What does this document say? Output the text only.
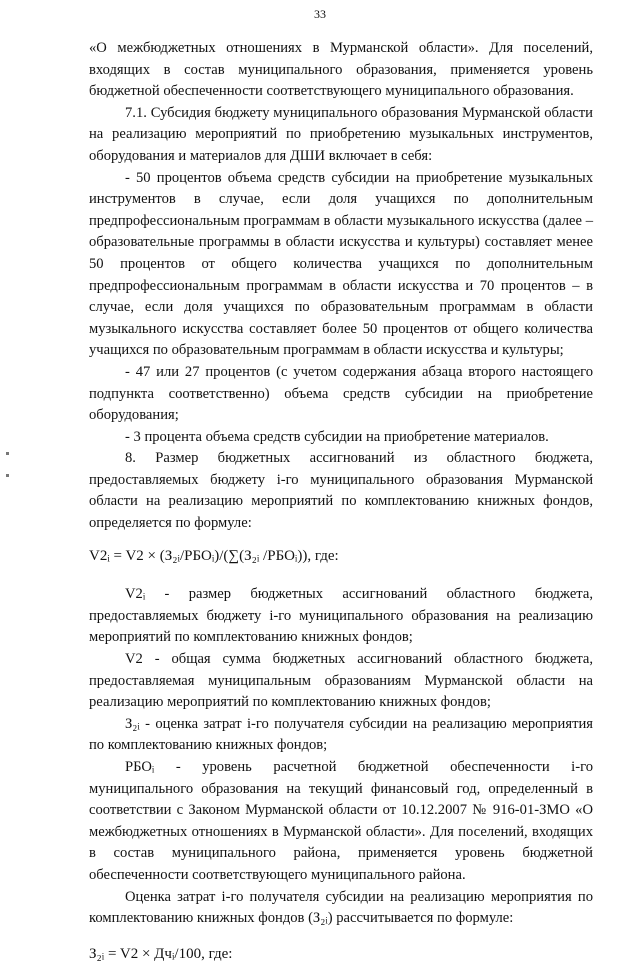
33

«О межбюджетных отношениях в Мурманской области». Для поселений, входящих в состав муниципального образования, применяется уровень бюджетной обеспеченности соответствующего муниципального образования.

7.1. Субсидия бюджету муниципального образования Мурманской области на реализацию мероприятий по приобретению музыкальных инструментов, оборудования и материалов для ДШИ включает в себя:

- 50 процентов объема средств субсидии на приобретение музыкальных инструментов в случае, если доля учащихся по дополнительным предпрофессиональным программам в области музыкального искусства (далее – образовательные программы в области искусства и культуры) составляет менее 50 процентов от общего количества учащихся по дополнительным предпрофессиональным программам в области искусства и 70 процентов – в случае, если доля учащихся по образовательным программам в области музыкального искусства составляет более 50 процентов от общего количества учащихся по образовательным программам в области искусства и культуры;

- 47 или 27 процентов (с учетом содержания абзаца второго настоящего подпункта соответственно) объема средств субсидии на приобретение оборудования;

- 3 процента объема средств субсидии на приобретение материалов.

8. Размер бюджетных ассигнований из областного бюджета, предоставляемых бюджету i-го муниципального образования Мурманской области на реализацию мероприятий по комплектованию книжных фондов, определяется по формуле:

V2ᵢ = V2 × (З₂ᵢ/РБОᵢ)/(∑(З₂ᵢ /РБОᵢ)), где:

V2ᵢ - размер бюджетных ассигнований областного бюджета, предоставляемых бюджету i-го муниципального образования на реализацию мероприятий по комплектованию книжных фондов;

V2 - общая сумма бюджетных ассигнований областного бюджета, предоставляемая муниципальным образованиям Мурманской области на реализацию мероприятий по комплектованию книжных фондов;

З₂ᵢ - оценка затрат i-го получателя субсидии на реализацию мероприятия по комплектованию книжных фондов;

РБОᵢ - уровень расчетной бюджетной обеспеченности i-го муниципального образования на текущий финансовый год, определенный в соответствии с Законом Мурманской области от 10.12.2007 № 916-01-ЗМО «О межбюджетных отношениях в Мурманской области». Для поселений, входящих в состав муниципального района, применяется уровень бюджетной обеспеченности соответствующего муниципального района.

Оценка затрат i-го получателя субсидии на реализацию мероприятия по комплектованию книжных фондов (З₂ᵢ) рассчитывается по формуле:

З₂ᵢ = V2 × Дчᵢ/100, где:
